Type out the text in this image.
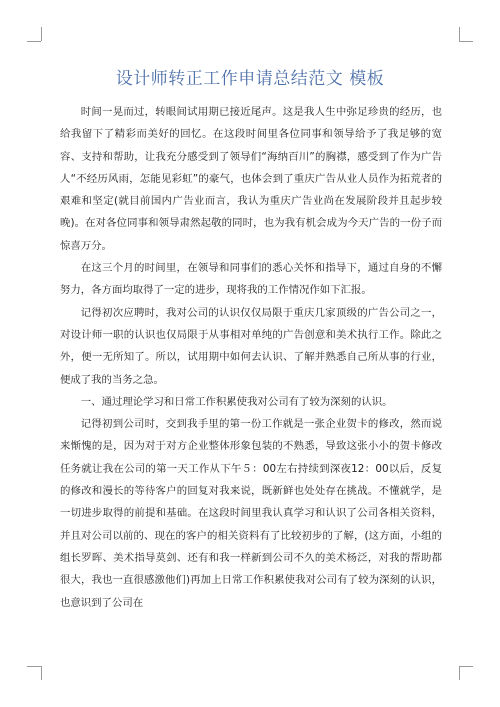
设计师转正工作申请总结范文 模板

时间一晃而过，转眼间试用期已接近尾声。这是我人生中弥足珍贵的经历，也给我留下了精彩而美好的回忆。在这段时间里各位同事和领导给予了我足够的宽容、支持和帮助，让我充分感受到了领导们“海纳百川”的胸襟，感受到了作为广告人“不经历风雨，怎能见彩虹”的豪气，也体会到了重庆广告从业人员作为拓荒者的艰难和坚定(就目前国内广告业而言，我认为重庆广告业尚在发展阶段并且起步较晚)。在对各位同事和领导肃然起敬的同时，也为我有机会成为今天广告的一份子而惊喜万分。

在这三个月的时间里，在领导和同事们的悉心关怀和指导下，通过自身的不懈努力，各方面均取得了一定的进步，现将我的工作情况作如下汇报。

记得初次应聘时，我对公司的认识仅仅局限于重庆几家顶级的广告公司之一，对设计师一职的认识也仅局限于从事相对单纯的广告创意和美术执行工作。除此之外，便一无所知了。所以，试用期中如何去认识、了解并熟悉自己所从事的行业，便成了我的当务之急。

一、通过理论学习和日常工作积累使我对公司有了较为深刻的认识。

记得初到公司时，交到我手里的第一份工作就是一张企业贺卡的修改，然而说来惭愧的是，因为对于对方企业整体形象包装的不熟悉，导致这张小小的贺卡修改任务就让我在公司的第一天工作从下午５：00左右持续到深夜12：00以后，反复的修改和漫长的等待客户的回复对我来说，既新鲜也处处存在挑战。不懂就学，是一切进步取得的前提和基础。在这段时间里我认真学习和认识了公司各相关资料，并且对公司以前的、现在的客户的相关资料有了比较初步的了解，(这方面，小组的组长罗晖、美术指导莫剑、还有和我一样新到公司不久的美术杨泛，对我的帮助都很大，我也一直很感激他们)再加上日常工作积累使我对公司有了较为深刻的认识，也意识到了公司在
